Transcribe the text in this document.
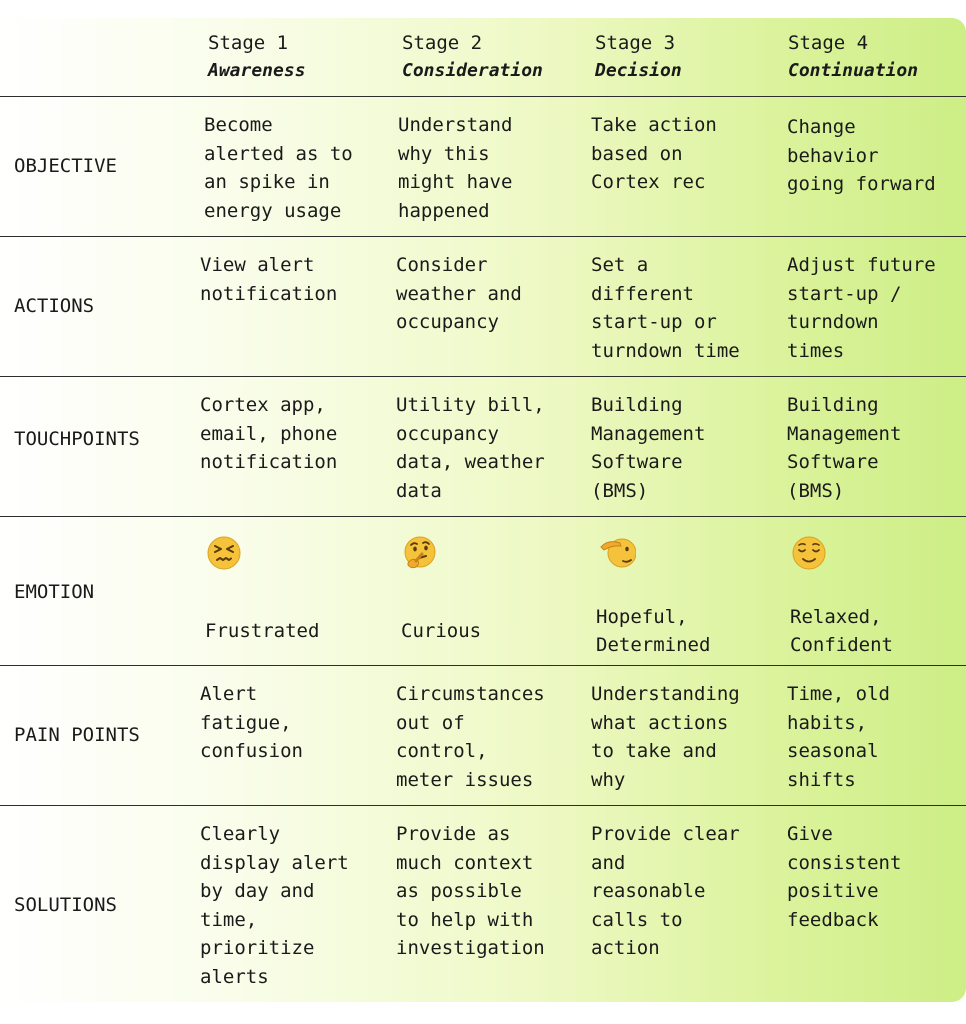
Stage 1
Awareness
Stage 2
Consideration
Stage 3
Decision
Stage 4
Continuation
OBJECTIVE
Become
alerted as to
an spike in
energy usage
Understand
why this
might have
happened
Take action
based on
Cortex rec
Change
behavior
going forward
ACTIONS
View alert
notification
Consider
weather and
occupancy
Set a
different
start-up or
turndown time
Adjust future
start-up /
turndown
times
TOUCHPOINTS
Cortex app,
email, phone
notification
Utility bill,
occupancy
data, weather
data
Building
Management
Software
(BMS)
Building
Management
Software
(BMS)
EMOTION
Frustrated	Curious
Hopeful,
Determined
Relaxed,
Confident
PAIN POINTS
Alert
fatigue,
confusion
Circumstances
out of
control,
meter issues
Understanding
what actions
to take and
why
Time, old
habits,
seasonal
shifts
SOLUTIONS
Clearly
display alert
by day and
time,
prioritize
alerts
Provide as
much context
as possible
to help with
investigation
Provide clear
and
reasonable
calls to
action
Give
consistent
positive
feedback
